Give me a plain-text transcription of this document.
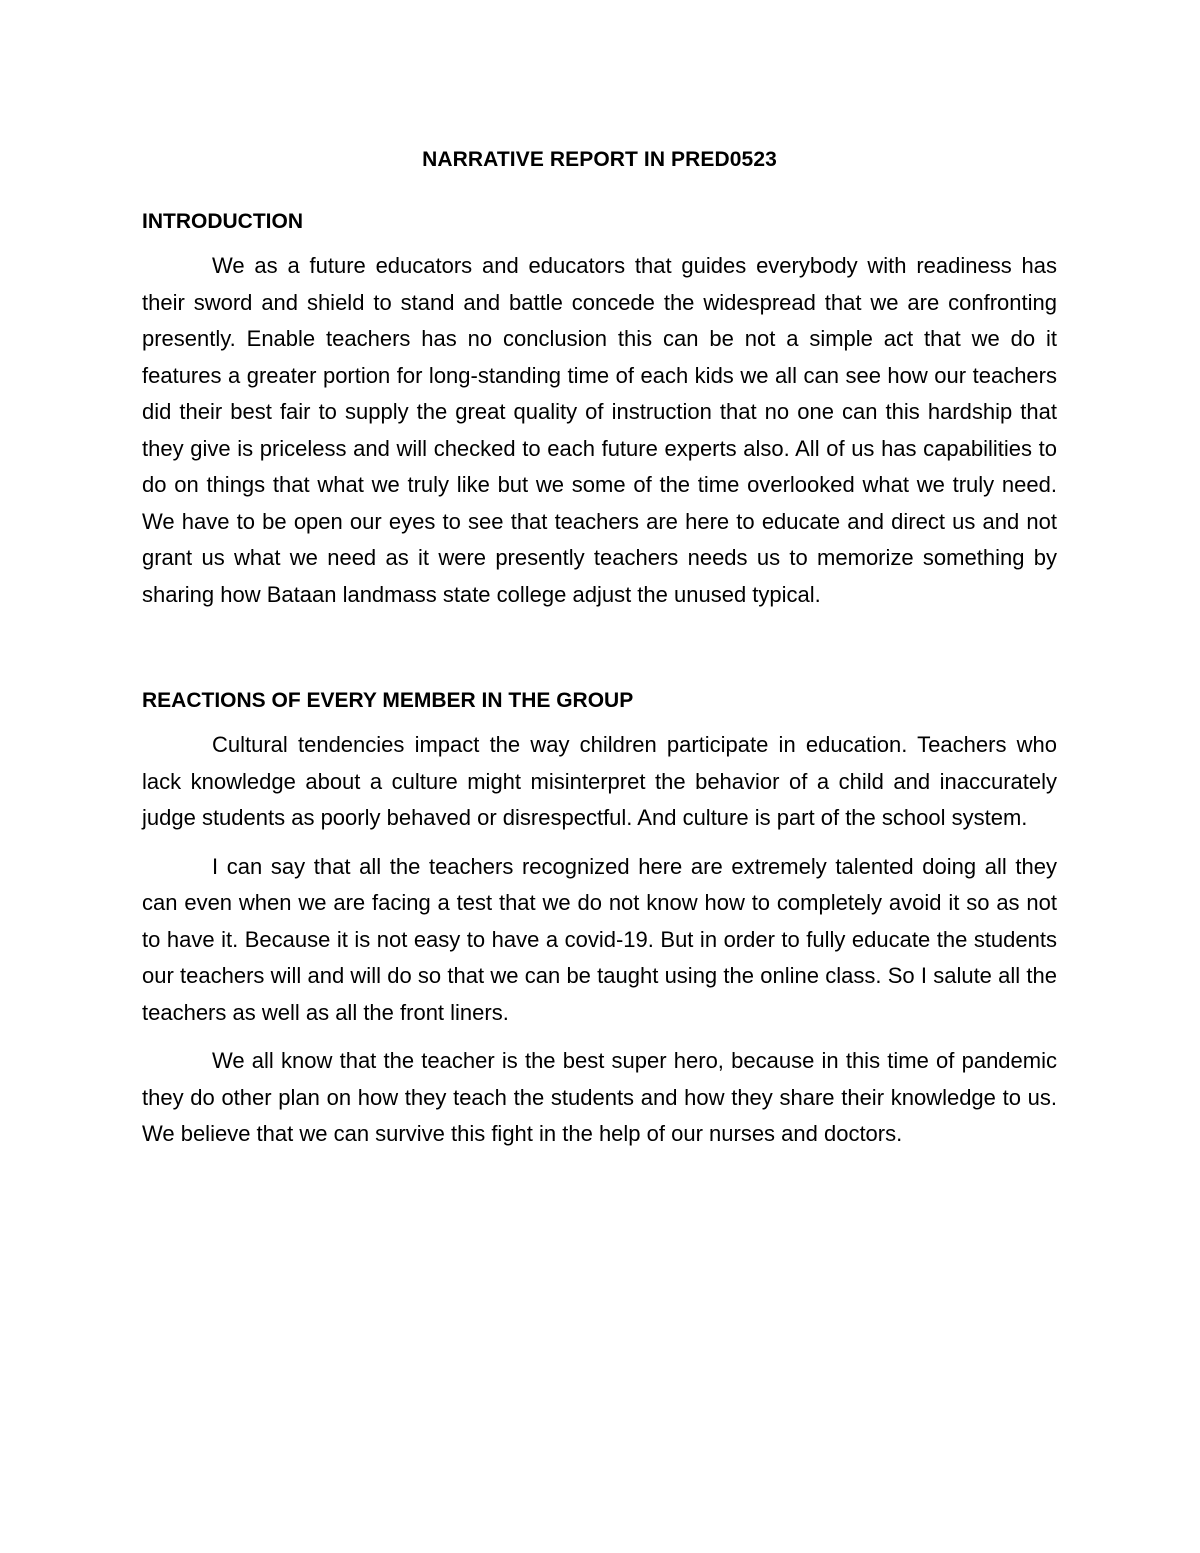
NARRATIVE REPORT IN PRED0523
INTRODUCTION

We as a future educators and educators that guides everybody with readiness has their sword and shield to stand and battle concede the widespread that we are confronting presently. Enable teachers has no conclusion this can be not a simple act that we do it features a greater portion for long-standing time of each kids we all can see how our teachers did their best fair to supply the great quality of instruction that no one can this hardship that they give is priceless and will checked to each future experts also. All of us has capabilities to do on things that what we truly like but we some of the time overlooked what we truly need. We have to be open our eyes to see that teachers are here to educate and direct us and not grant us what we need as it were presently teachers needs us to memorize something by sharing how Bataan landmass state college adjust the unused typical.

REACTIONS OF EVERY MEMBER IN THE GROUP

Cultural tendencies impact the way children participate in education. Teachers who lack knowledge about a culture might misinterpret the behavior of a child and inaccurately judge students as poorly behaved or disrespectful. And culture is part of the school system.

I can say that all the teachers recognized here are extremely talented doing all they can even when we are facing a test that we do not know how to completely avoid it so as not to have it. Because it is not easy to have a covid-19. But in order to fully educate the students our teachers will and will do so that we can be taught using the online class. So I salute all the teachers as well as all the front liners.

We all know that the teacher is the best super hero, because in this time of pandemic they do other plan on how they teach the students and how they share their knowledge to us. We believe that we can survive this fight in the help of our nurses and doctors.
